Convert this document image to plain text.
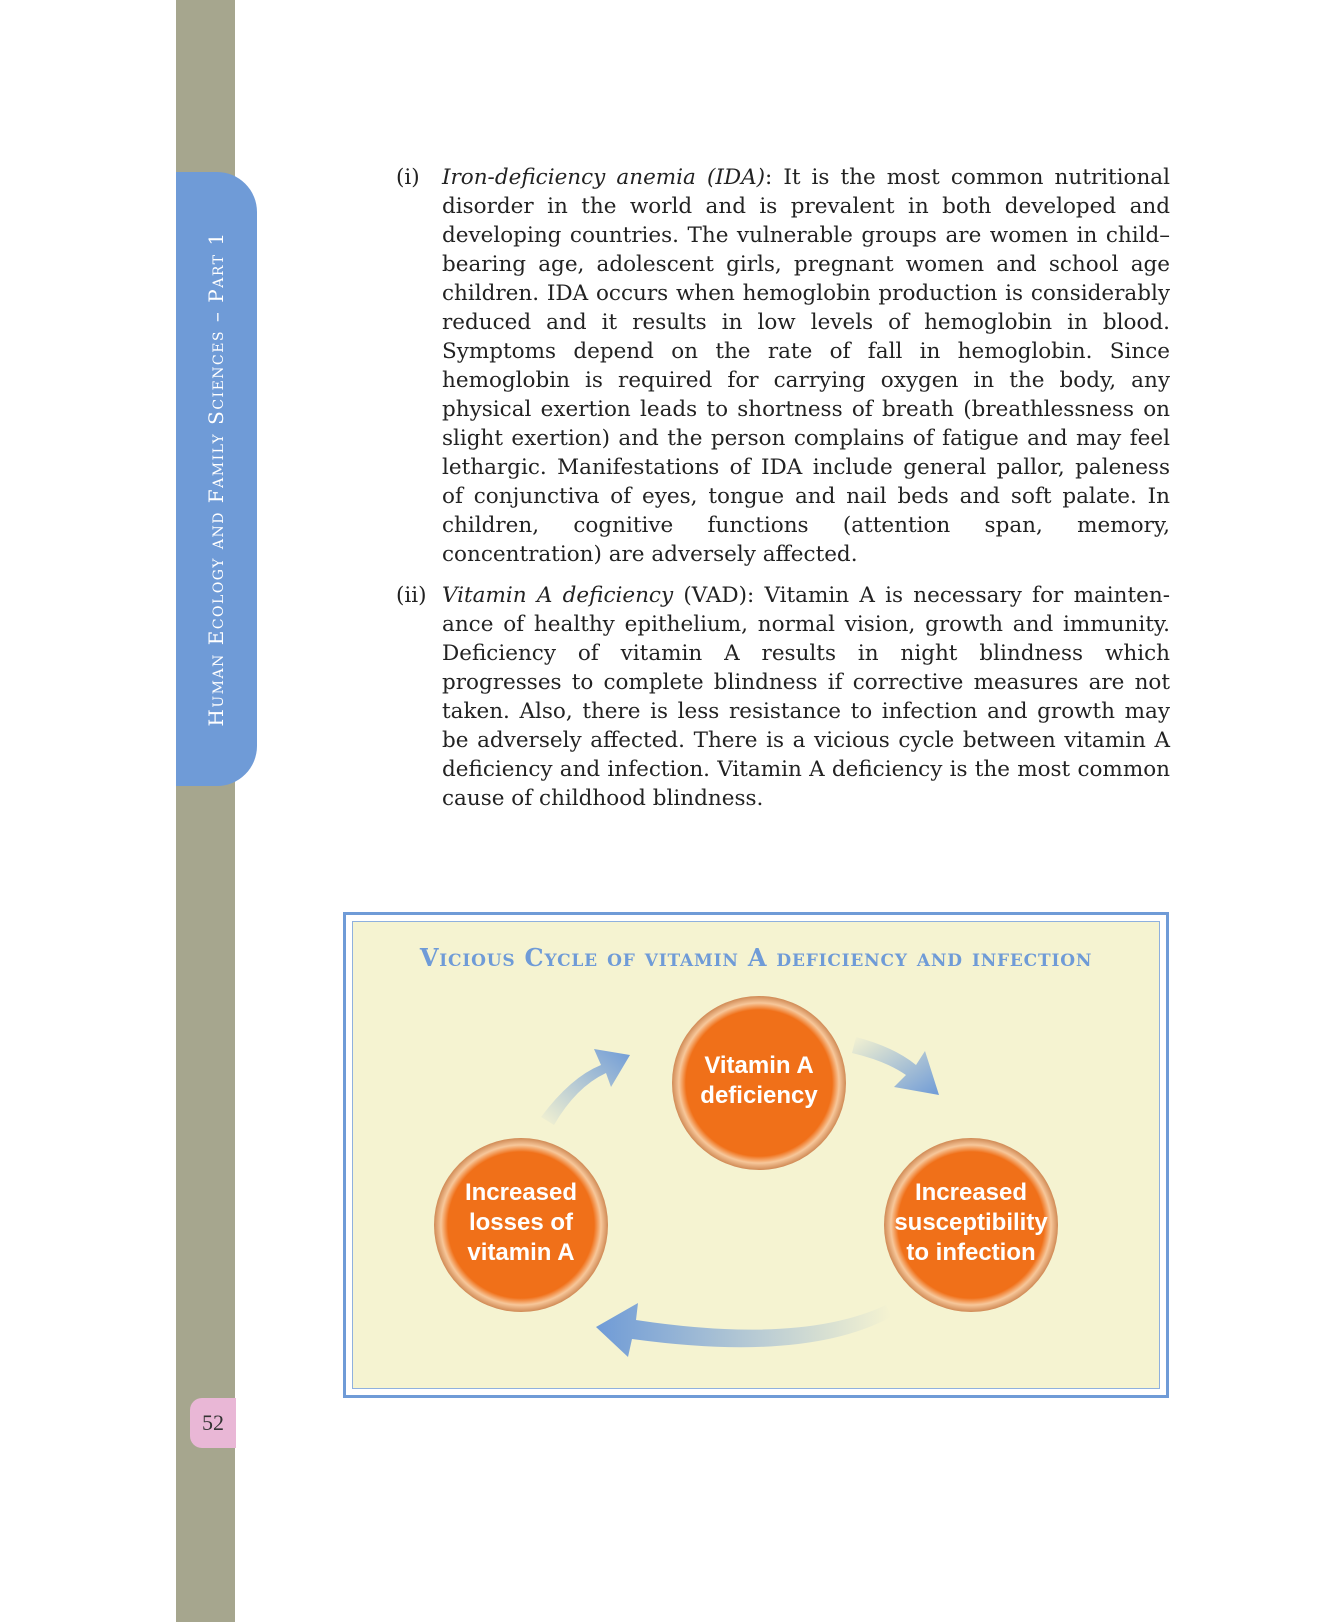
Human Ecology and Family Sciences – Part 1
52
(i) Iron-deficiency anemia (IDA): It is the most common nutritional disorder in the world and is prevalent in both developed and developing countries. The vulnerable groups are women in child–bearing age, adolescent girls, pregnant women and school age children. IDA occurs when hemoglobin production is considerably reduced and it results in low levels of hemoglobin in blood. Symptoms depend on the rate of fall in hemoglobin. Since hemoglobin is required for carrying oxygen in the body, any physical exertion leads to shortness of breath (breathlessness on slight exertion) and the person complains of fatigue and may feel lethargic. Manifestations of IDA include general pallor, paleness of conjunctiva of eyes, tongue and nail beds and soft palate. In children, cognitive functions (attention span, memory, concentration) are adversely affected.
(ii) Vitamin A deficiency (VAD): Vitamin A is necessary for mainten-ance of healthy epithelium, normal vision, growth and immunity. Deficiency of vitamin A results in night blindness which progresses to complete blindness if corrective measures are not taken. Also, there is less resistance to infection and growth may be adversely affected. There is a vicious cycle between vitamin A deficiency and infection. Vitamin A deficiency is the most common cause of childhood blindness.
Vicious Cycle of vitamin A deficiency and infection
Vitamin A
deficiency
Increased
susceptibility
to infection
Increased
losses of
vitamin A
